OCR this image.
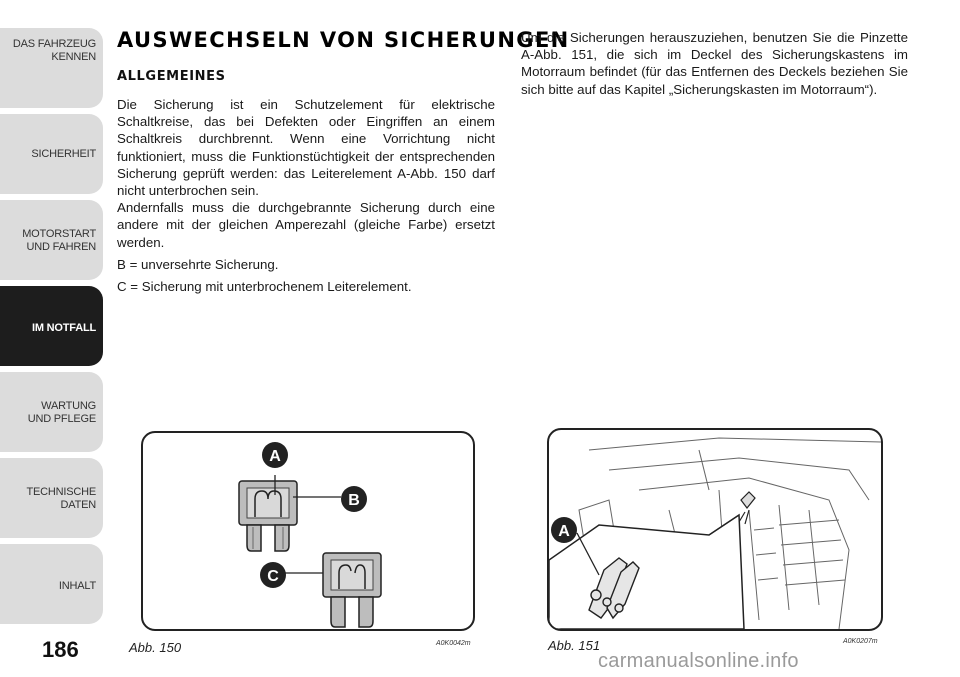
DAS FAHRZEUG
KENNEN
SICHERHEIT
MOTORSTART
UND FAHREN
IM NOTFALL
WARTUNG
UND PFLEGE
TECHNISCHE
DATEN
INHALT
186
AUSWECHSELN VON SICHERUNGEN
ALLGEMEINES

Die Sicherung ist ein Schutzelement für elektrische Schaltkreise, das bei Defekten oder Eingriffen an einem Schaltkreis durchbrennt. Wenn eine Vorrichtung nicht funktioniert, muss die Funktionstüchtigkeit der entsprechenden Sicherung geprüft werden: das Leiterelement A-Abb. 150 darf nicht unterbrochen sein.

Andernfalls muss die durchgebrannte Sicherung durch eine andere mit der gleichen Amperezahl (gleiche Farbe) ersetzt werden.

B = unversehrte Sicherung.

C = Sicherung mit unterbrochenem Leiterelement.

Um die Sicherungen herauszuziehen, benutzen Sie die Pinzette A-Abb. 151, die sich im Deckel des Sicherungskastens im Motorraum befindet (für das Entfernen des Deckels beziehen Sie sich bitte auf das Kapitel „Sicherungskasten im Motorraum“).

A
B
C
Abb. 150	A0K0042m
A
Abb. 151	A0K0207m
carmanualsonline.info
